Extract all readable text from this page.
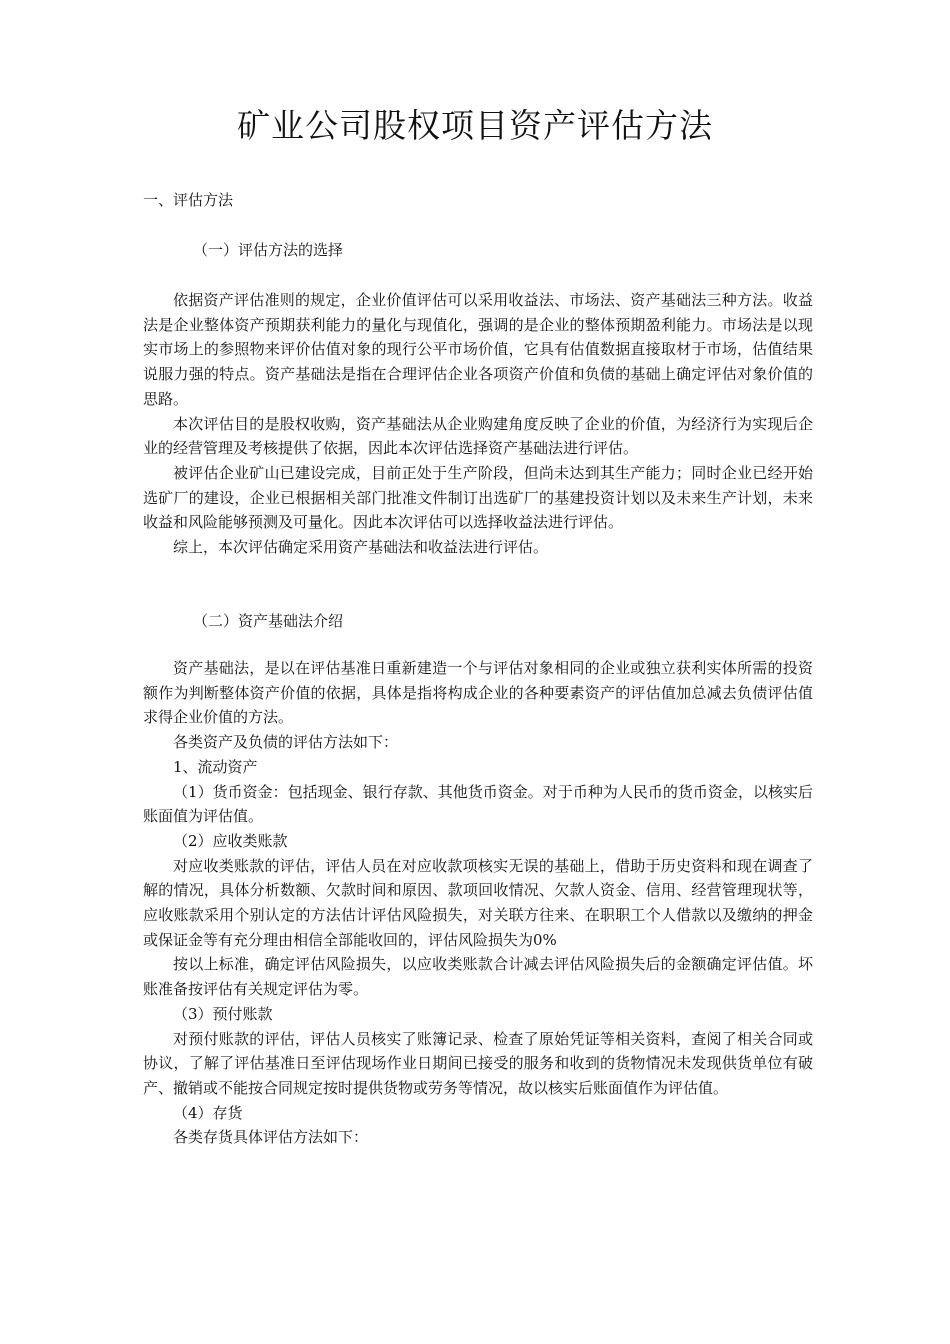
矿业公司股权项目资产评估方法

一、评估方法

（一）评估方法的选择

依据资产评估准则的规定，企业价值评估可以采用收益法、市场法、资产基础法三种方法。收益法是企业整体资产预期获利能力的量化与现值化，强调的是企业的整体预期盈利能力。市场法是以现实市场上的参照物来评价估值对象的现行公平市场价值，它具有估值数据直接取材于市场，估值结果说服力强的特点。资产基础法是指在合理评估企业各项资产价值和负债的基础上确定评估对象价值的思路。

本次评估目的是股权收购，资产基础法从企业购建角度反映了企业的价值，为经济行为实现后企业的经营管理及考核提供了依据，因此本次评估选择资产基础法进行评估。

被评估企业矿山已建设完成，目前正处于生产阶段，但尚未达到其生产能力；同时企业已经开始选矿厂的建设，企业已根据相关部门批准文件制订出选矿厂的基建投资计划以及未来生产计划，未来收益和风险能够预测及可量化。因此本次评估可以选择收益法进行评估。

综上，本次评估确定采用资产基础法和收益法进行评估。

（二）资产基础法介绍

资产基础法，是以在评估基准日重新建造一个与评估对象相同的企业或独立获利实体所需的投资额作为判断整体资产价值的依据，具体是指将构成企业的各种要素资产的评估值加总减去负债评估值求得企业价值的方法。

各类资产及负债的评估方法如下：

1、流动资产

（1）货币资金：包括现金、银行存款、其他货币资金。对于币种为人民币的货币资金，以核实后账面值为评估值。

（2）应收类账款

对应收类账款的评估，评估人员在对应收款项核实无误的基础上，借助于历史资料和现在调查了解的情况，具体分析数额、欠款时间和原因、款项回收情况、欠款人资金、信用、经营管理现状等，应收账款采用个别认定的方法估计评估风险损失，对关联方往来、在职职工个人借款以及缴纳的押金或保证金等有充分理由相信全部能收回的，评估风险损失为0%

按以上标准，确定评估风险损失，以应收类账款合计减去评估风险损失后的金额确定评估值。坏账准备按评估有关规定评估为零。

（3）预付账款

对预付账款的评估，评估人员核实了账簿记录、检查了原始凭证等相关资料，查阅了相关合同或协议，了解了评估基准日至评估现场作业日期间已接受的服务和收到的货物情况未发现供货单位有破产、撤销或不能按合同规定按时提供货物或劳务等情况，故以核实后账面值作为评估值。

（4）存货

各类存货具体评估方法如下：
